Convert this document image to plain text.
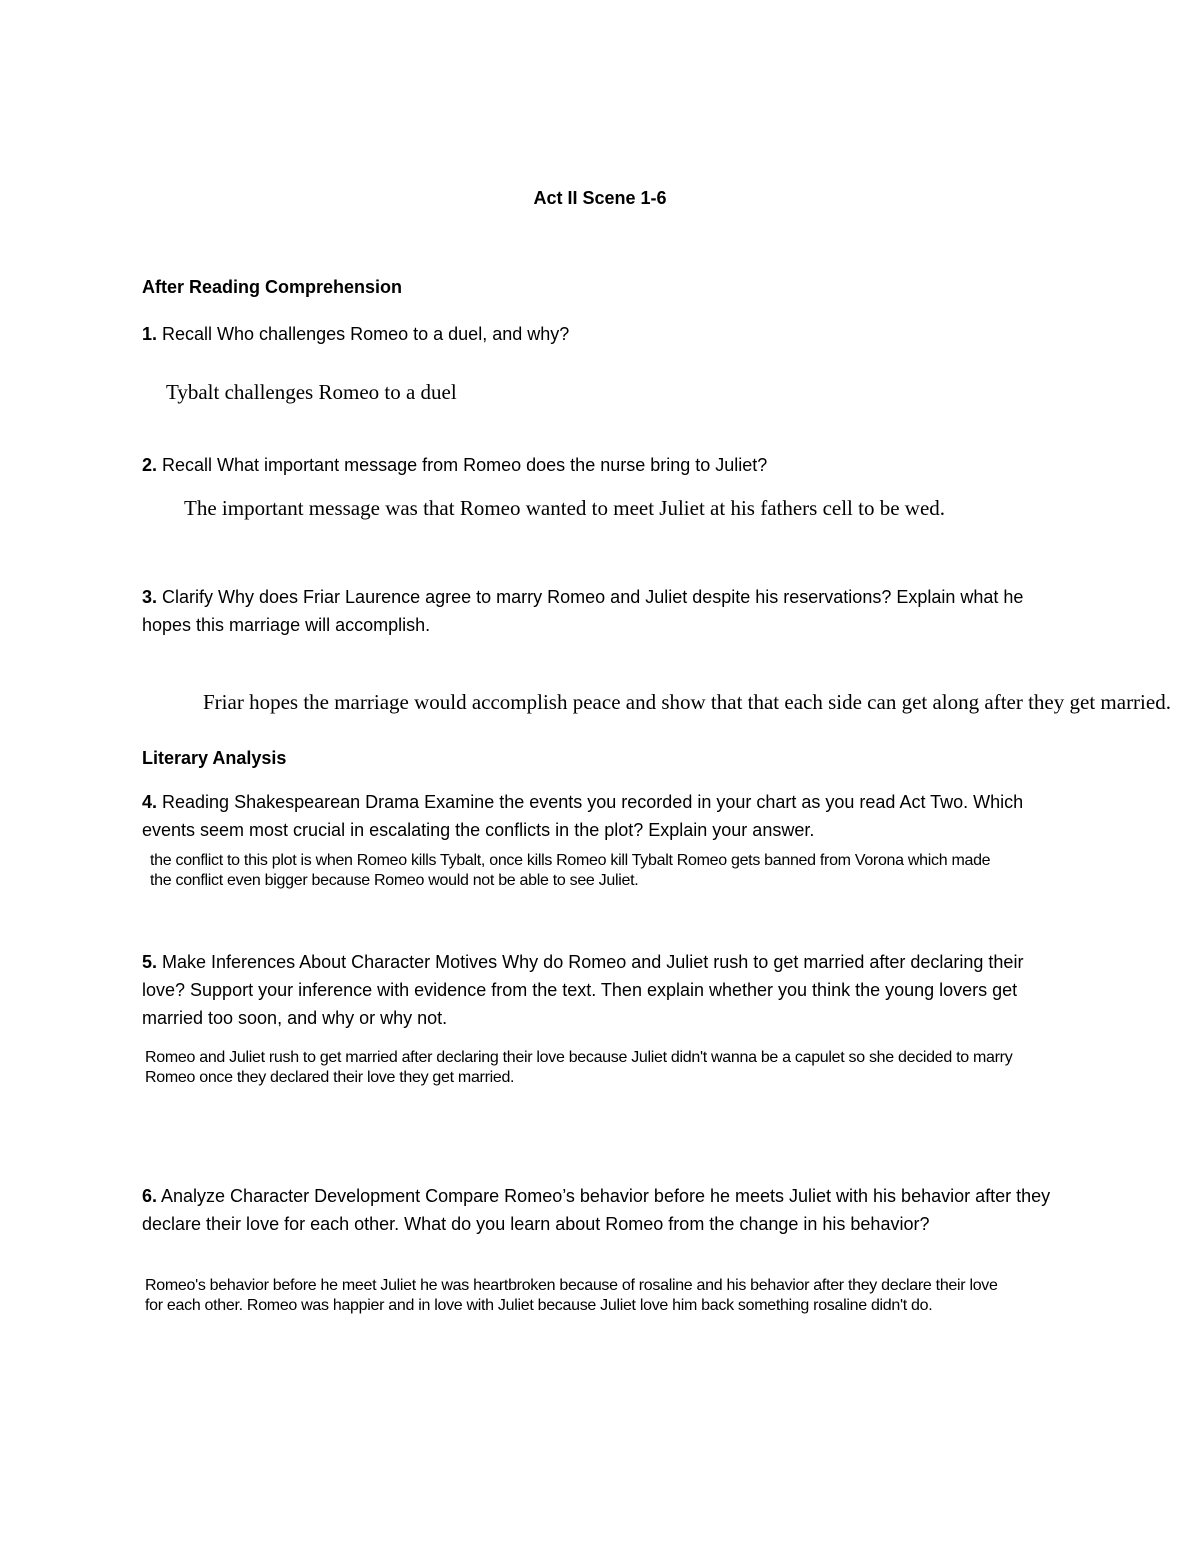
Act II Scene 1-6

After Reading Comprehension

1. Recall Who challenges Romeo to a duel, and why?

Tybalt challenges Romeo to a duel

2. Recall What important message from Romeo does the nurse bring to Juliet?

The important message was that Romeo wanted to meet Juliet at his fathers cell to be wed.

3. Clarify Why does Friar Laurence agree to marry Romeo and Juliet despite his reservations? Explain what he hopes this marriage will accomplish.

Friar hopes the marriage would accomplish peace and show that that each side can get along after they get married.

Literary Analysis

4. Reading Shakespearean Drama Examine the events you recorded in your chart as you read Act Two. Which events seem most crucial in escalating the conflicts in the plot? Explain your answer.

the conflict to this plot is when Romeo kills Tybalt, once kills Romeo kill Tybalt Romeo gets banned from Vorona which made the conflict even bigger because Romeo would not be able to see Juliet.

5. Make Inferences About Character Motives Why do Romeo and Juliet rush to get married after declaring their love? Support your inference with evidence from the text. Then explain whether you think the young lovers get married too soon, and why or why not.

Romeo and Juliet rush to get married after declaring their love because Juliet didn't wanna be a capulet so she decided to marry Romeo once they declared their love they get married.

6. Analyze Character Development Compare Romeo’s behavior before he meets Juliet with his behavior after they declare their love for each other. What do you learn about Romeo from the change in his behavior?

Romeo's behavior before he meet Juliet he was heartbroken because of rosaline and his behavior after they declare their love for each other. Romeo was happier and in love with Juliet because Juliet love him back something rosaline didn't do.
